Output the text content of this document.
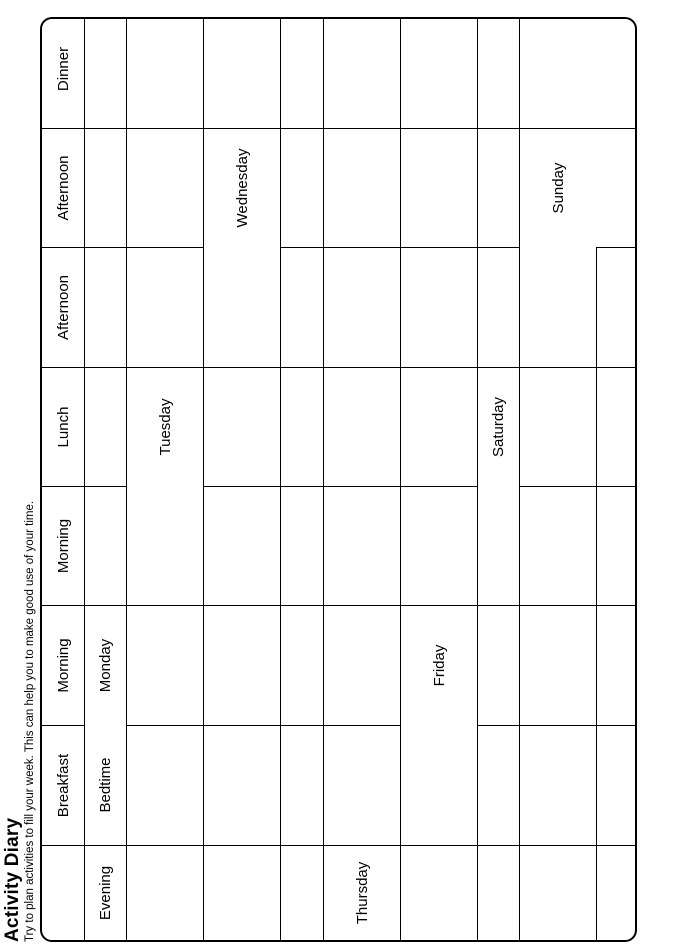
Activity Diary Try to plan activities to fill your week. This can help you to make good use of your time.	Breakfast
Morning
Morning
Lunch
Afternoon
Afternoon
Dinner
Evening
Bedtime
Monday
Tuesday
Wednesday
Thursday
Friday
Saturday
Sunday
